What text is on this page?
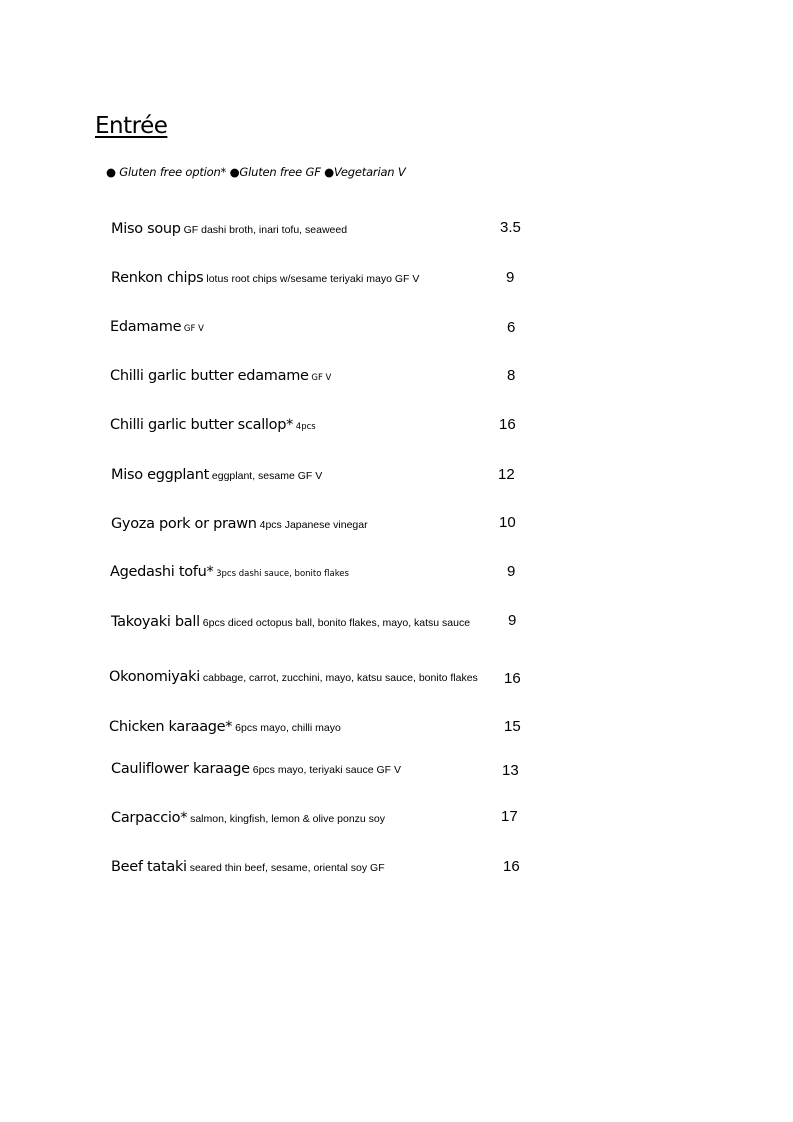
Entrée
● Gluten free option* ●Gluten free GF ●Vegetarian V
Miso soup GF dashi broth, inari tofu, seaweed	3.5
Renkon chips lotus root chips w/sesame teriyaki mayo GF V	9
Edamame GF V	6
Chilli garlic butter edamame GF V	8
Chilli garlic butter scallop* 4pcs	16
Miso eggplant eggplant, sesame GF V	12
Gyoza pork or prawn 4pcs Japanese vinegar	10
Agedashi tofu* 3pcs dashi sauce, bonito flakes	9
Takoyaki ball 6pcs diced octopus ball, bonito flakes, mayo, katsu sauce	9
Okonomiyaki cabbage, carrot, zucchini, mayo, katsu sauce, bonito flakes 16
Chicken karaage* 6pcs mayo, chilli mayo	15
Cauliflower karaage 6pcs mayo, teriyaki sauce GF V	13
Carpaccio* salmon, kingfish, lemon & olive ponzu soy	17
Beef tataki seared thin beef, sesame, oriental soy GF	16
